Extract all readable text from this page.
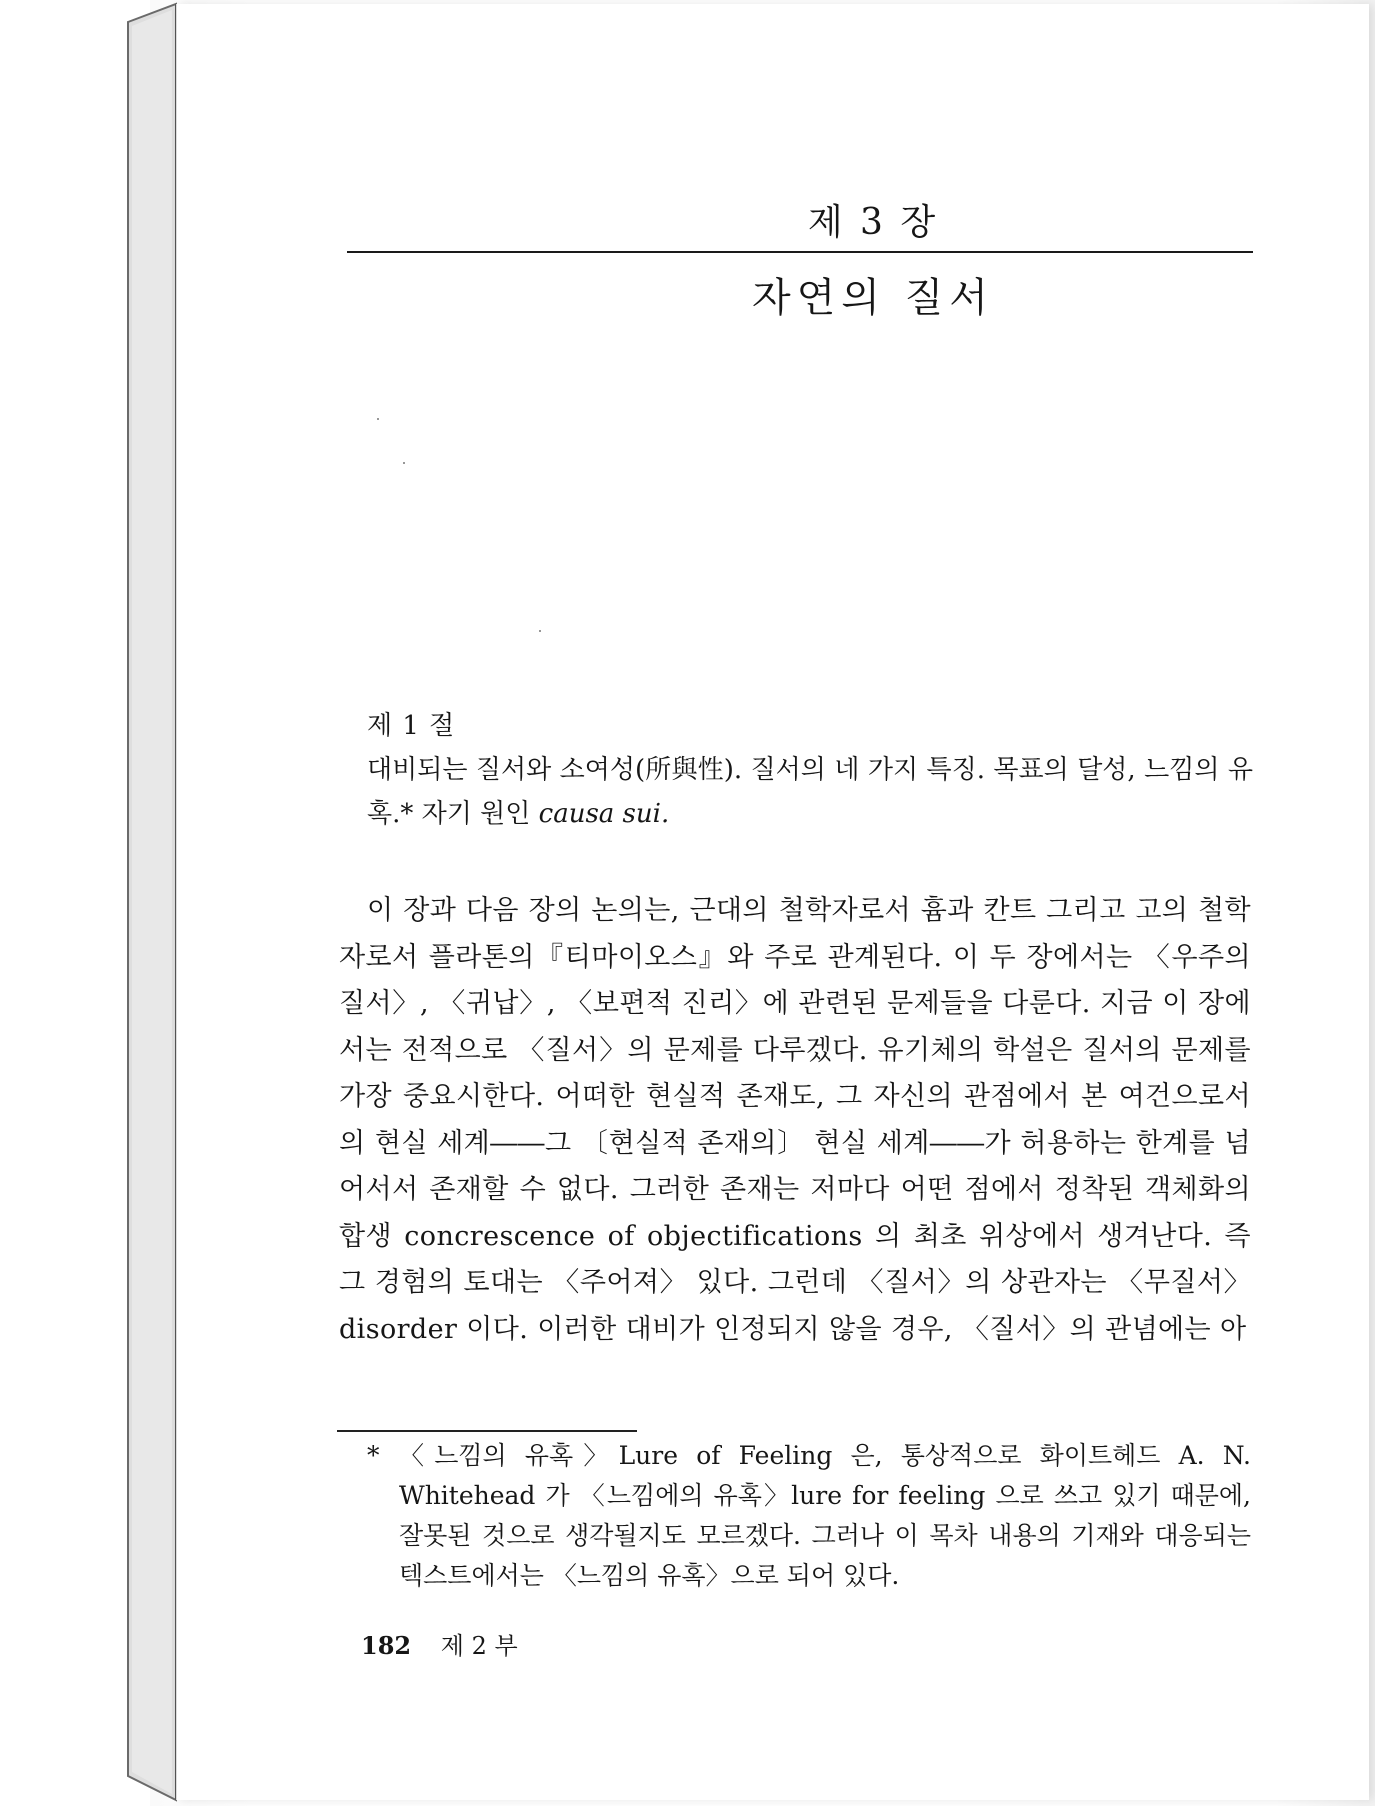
제 3 장
자연의 질서
제 1 절
대비되는 질서와 소여성(所與性). 질서의 네 가지 특징. 목표의 달성, 느낌의 유혹.* 자기 원인 causa sui.
이 장과 다음 장의 논의는, 근대의 철학자로서 흄과 칸트 그리고 고의 철학자로서 플라톤의『티마이오스』와 주로 관계된다. 이 두 장에서는 〈우주의 질서〉, 〈귀납〉, 〈보편적 진리〉에 관련된 문제들을 다룬다. 지금 이 장에서는 전적으로 〈질서〉의 문제를 다루겠다. 유기체의 학설은 질서의 문제를 가장 중요시한다. 어떠한 현실적 존재도, 그 자신의 관점에서 본 여건으로서의 현실 세계――그 〔현실적 존재의〕 현실 세계――가 허용하는 한계를 넘어서서 존재할 수 없다. 그러한 존재는 저마다 어떤 점에서 정착된 객체화의 합생 concrescence of objectifications 의 최초 위상에서 생겨난다. 즉 그 경험의 토대는 〈주어져〉 있다. 그런데 〈질서〉의 상관자는 〈무질서〉 disorder 이다. 이러한 대비가 인정되지 않을 경우, 〈질서〉의 관념에는 아
* 〈느낌의 유혹〉Lure of Feeling 은, 통상적으로 화이트헤드 A. N. Whitehead 가 〈느낌에의 유혹〉lure for feeling 으로 쓰고 있기 때문에, 잘못된 것으로 생각될지도 모르겠다. 그러나 이 목차 내용의 기재와 대응되는 텍스트에서는 〈느낌의 유혹〉으로 되어 있다.
182 제 2 부
